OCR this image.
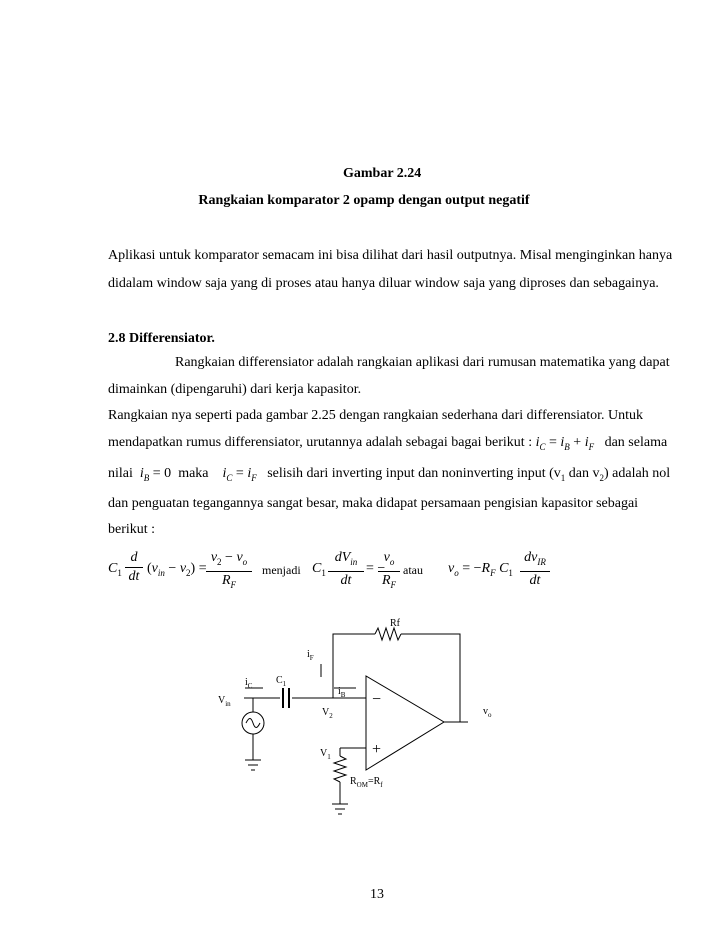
Gambar 2.24
Rangkaian komparator 2 opamp dengan output negatif
Aplikasi untuk komparator semacam ini bisa dilihat dari hasil outputnya. Misal menginginkan hanya
didalam window saja yang di proses atau hanya diluar window saja yang diproses dan sebagainya.
2.8 Differensiator.
Rangkaian differensiator adalah rangkaian aplikasi dari rumusan matematika yang dapat
dimainkan (dipengaruhi) dari kerja kapasitor.
Rangkaian nya seperti pada gambar 2.25 dengan rangkaian sederhana dari differensiator. Untuk
mendapatkan rumus differensiator, urutannya adalah sebagai bagai berikut : $i_C = i_B + i_F$ dan selama
nilai $i_B = 0$ maka $i_C = i_F$ selisih dari inverting input dan noninverting input ($v_1$ dan $v_2$) adalah nol
dan penguatan tegangannya sangat besar, maka didapat persamaan pengisian kapasitor sebagai
berikut :
$C_1$
d
dt
$(v_{in} - v_2)$ =
$v_2 - v_o$
$R_F$
menjadi $C_1$
$dV_{in}$
dt
= −
$v_o$
$R_F$
atau $v_o = -R_F$ $C_1$
$dv_{IR}$
dt
Rf
$i_F$
$i_C$ $C_1$
$i_B$
$V_{in}$
$V_2$
$V_1$
$v_o$
$R_{OM}=R_f$
−
+
13
